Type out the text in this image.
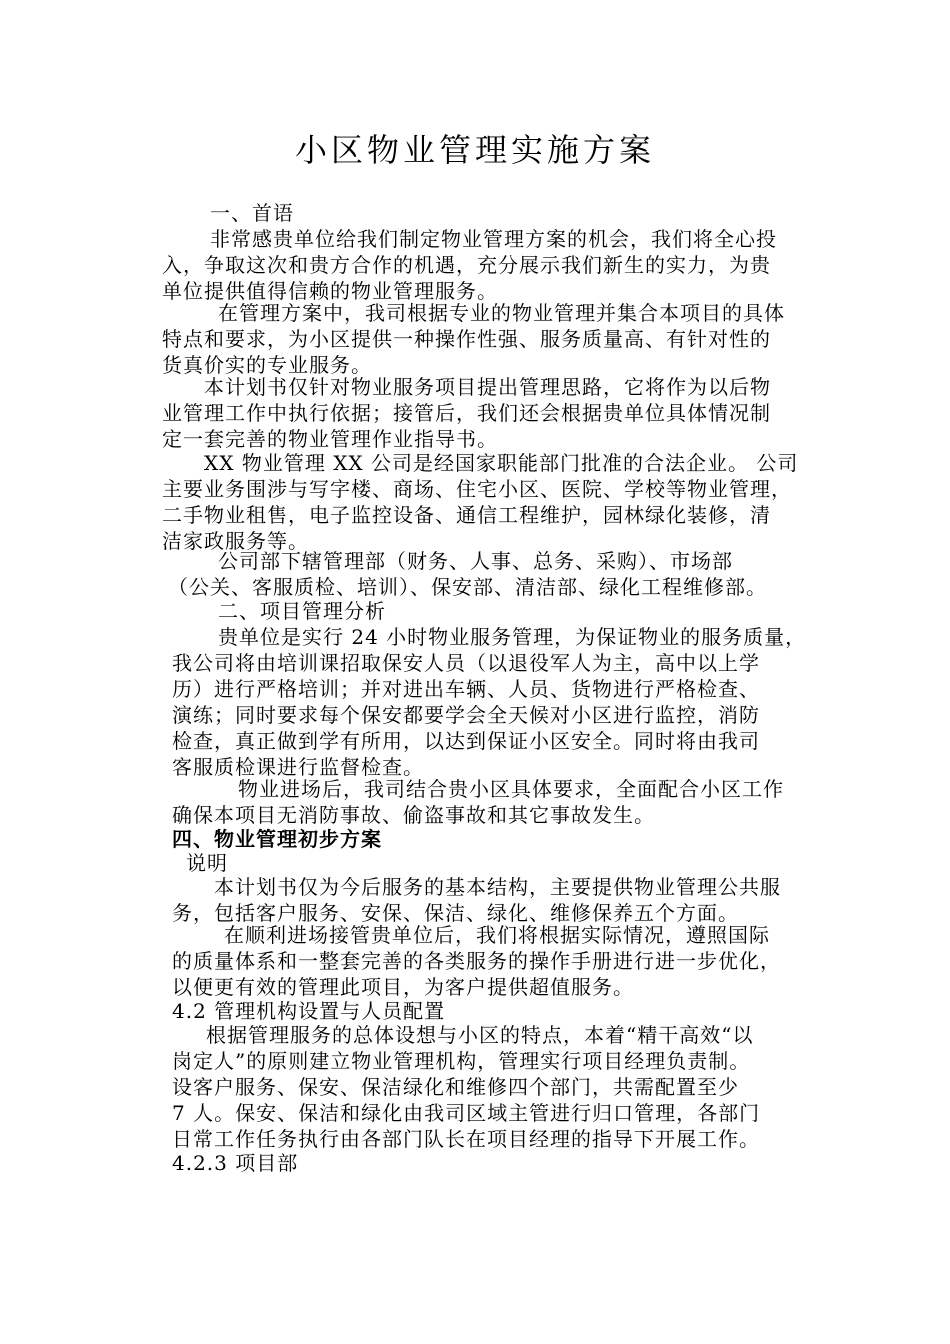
小区物业管理实施方案
一、首语
非常感贵单位给我们制定物业管理方案的机会，我们将全心投
入，争取这次和贵方合作的机遇，充分展示我们新生的实力，为贵
单位提供值得信赖的物业管理服务。
在管理方案中，我司根据专业的物业管理并集合本项目的具体
特点和要求，为小区提供一种操作性强、服务质量高、有针对性的
货真价实的专业服务。
本计划书仅针对物业服务项目提出管理思路，它将作为以后物
业管理工作中执行依据；接管后，我们还会根据贵单位具体情况制
定一套完善的物业管理作业指导书。
XX 物业管理 XX 公司是经国家职能部门批准的合法企业。 公司
主要业务围涉与写字楼、商场、住宅小区、医院、学校等物业管理，
二手物业租售，电子监控设备、通信工程维护，园林绿化装修，清
洁家政服务等。
公司部下辖管理部（财务、人事、总务、采购）、市场部
（公关、客服质检、培训）、保安部、清洁部、绿化工程维修部。
二、项目管理分析
贵单位是实行 24 小时物业服务管理，为保证物业的服务质量，
我公司将由培训课招取保安人员（以退役军人为主，高中以上学
历）进行严格培训；并对进出车辆、人员、货物进行严格检查、
演练；同时要求每个保安都要学会全天候对小区进行监控，消防
检查，真正做到学有所用，以达到保证小区安全。同时将由我司
客服质检课进行监督检查。
物业进场后，我司结合贵小区具体要求，全面配合小区工作
确保本项目无消防事故、偷盗事故和其它事故发生。
四、物业管理初步方案
说明
本计划书仅为今后服务的基本结构，主要提供物业管理公共服
务，包括客户服务、安保、保洁、绿化、维修保养五个方面。
在顺利进场接管贵单位后，我们将根据实际情况，遵照国际
的质量体系和一整套完善的各类服务的操作手册进行进一步优化，
以便更有效的管理此项目，为客户提供超值服务。
4.2 管理机构设置与人员配置
根据管理服务的总体设想与小区的特点，本着“精干高效“以
岗定人”的原则建立物业管理机构，管理实行项目经理负责制。
设客户服务、保安、保洁绿化和维修四个部门，共需配置至少
7 人。保安、保洁和绿化由我司区域主管进行归口管理，各部门
日常工作任务执行由各部门队长在项目经理的指导下开展工作。
4.2.3 项目部
